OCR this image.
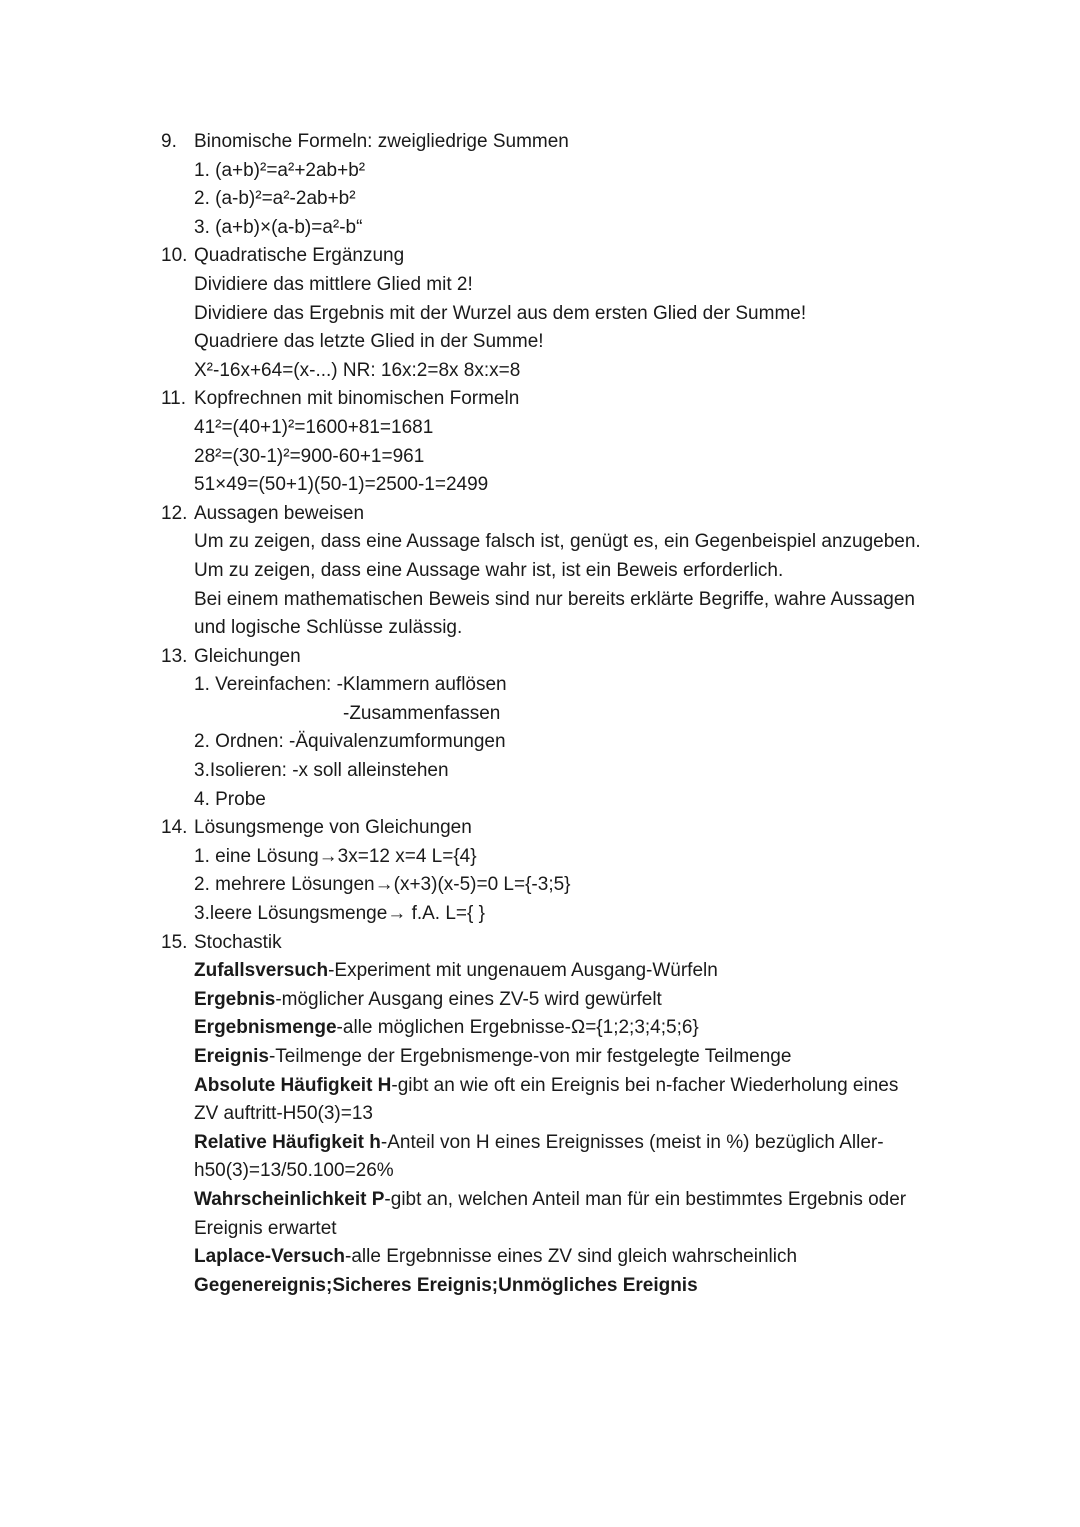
9. Binomische Formeln: zweigliedrige Summen
1. (a+b)²=a²+2ab+b²
2. (a-b)²=a²-2ab+b²
3. (a+b)×(a-b)=a²-b“
10. Quadratische Ergänzung
Dividiere das mittlere Glied mit 2!
Dividiere das Ergebnis mit der Wurzel aus dem ersten Glied der Summe!
Quadriere das letzte Glied in der Summe!
X²-16x+64=(x-...) NR: 16x:2=8x 8x:x=8
11. Kopfrechnen mit binomischen Formeln
41²=(40+1)²=1600+81=1681
28²=(30-1)²=900-60+1=961
51×49=(50+1)(50-1)=2500-1=2499
12. Aussagen beweisen
Um zu zeigen, dass eine Aussage falsch ist, genügt es, ein Gegenbeispiel anzugeben.
Um zu zeigen, dass eine Aussage wahr ist, ist ein Beweis erforderlich.
Bei einem mathematischen Beweis sind nur bereits erklärte Begriffe, wahre Aussagen
und logische Schlüsse zulässig.
13. Gleichungen
1. Vereinfachen: -Klammern auflösen
-Zusammenfassen
2. Ordnen: -Äquivalenzumformungen
3.Isolieren: -x soll alleinstehen
4. Probe
14. Lösungsmenge von Gleichungen
1. eine Lösung→3x=12 x=4 L={4}
2. mehrere Lösungen→(x+3)(x-5)=0 L={-3;5}
3.leere Lösungsmenge→ f.A. L={ }
15. Stochastik
Zufallsversuch-Experiment mit ungenauem Ausgang-Würfeln
Ergebnis-möglicher Ausgang eines ZV-5 wird gewürfelt
Ergebnismenge-alle möglichen Ergebnisse-Ω={1;2;3;4;5;6}
Ereignis-Teilmenge der Ergebnismenge-von mir festgelegte Teilmenge
Absolute Häufigkeit H-gibt an wie oft ein Ereignis bei n-facher Wiederholung eines
ZV auftritt-H50(3)=13
Relative Häufigkeit h-Anteil von H eines Ereignisses (meist in %) bezüglich Aller-
h50(3)=13/50.100=26%
Wahrscheinlichkeit P-gibt an, welchen Anteil man für ein bestimmtes Ergebnis oder
Ereignis erwartet
Laplace-Versuch-alle Ergebnnisse eines ZV sind gleich wahrscheinlich
Gegenereignis;Sicheres Ereignis;Unmögliches Ereignis
